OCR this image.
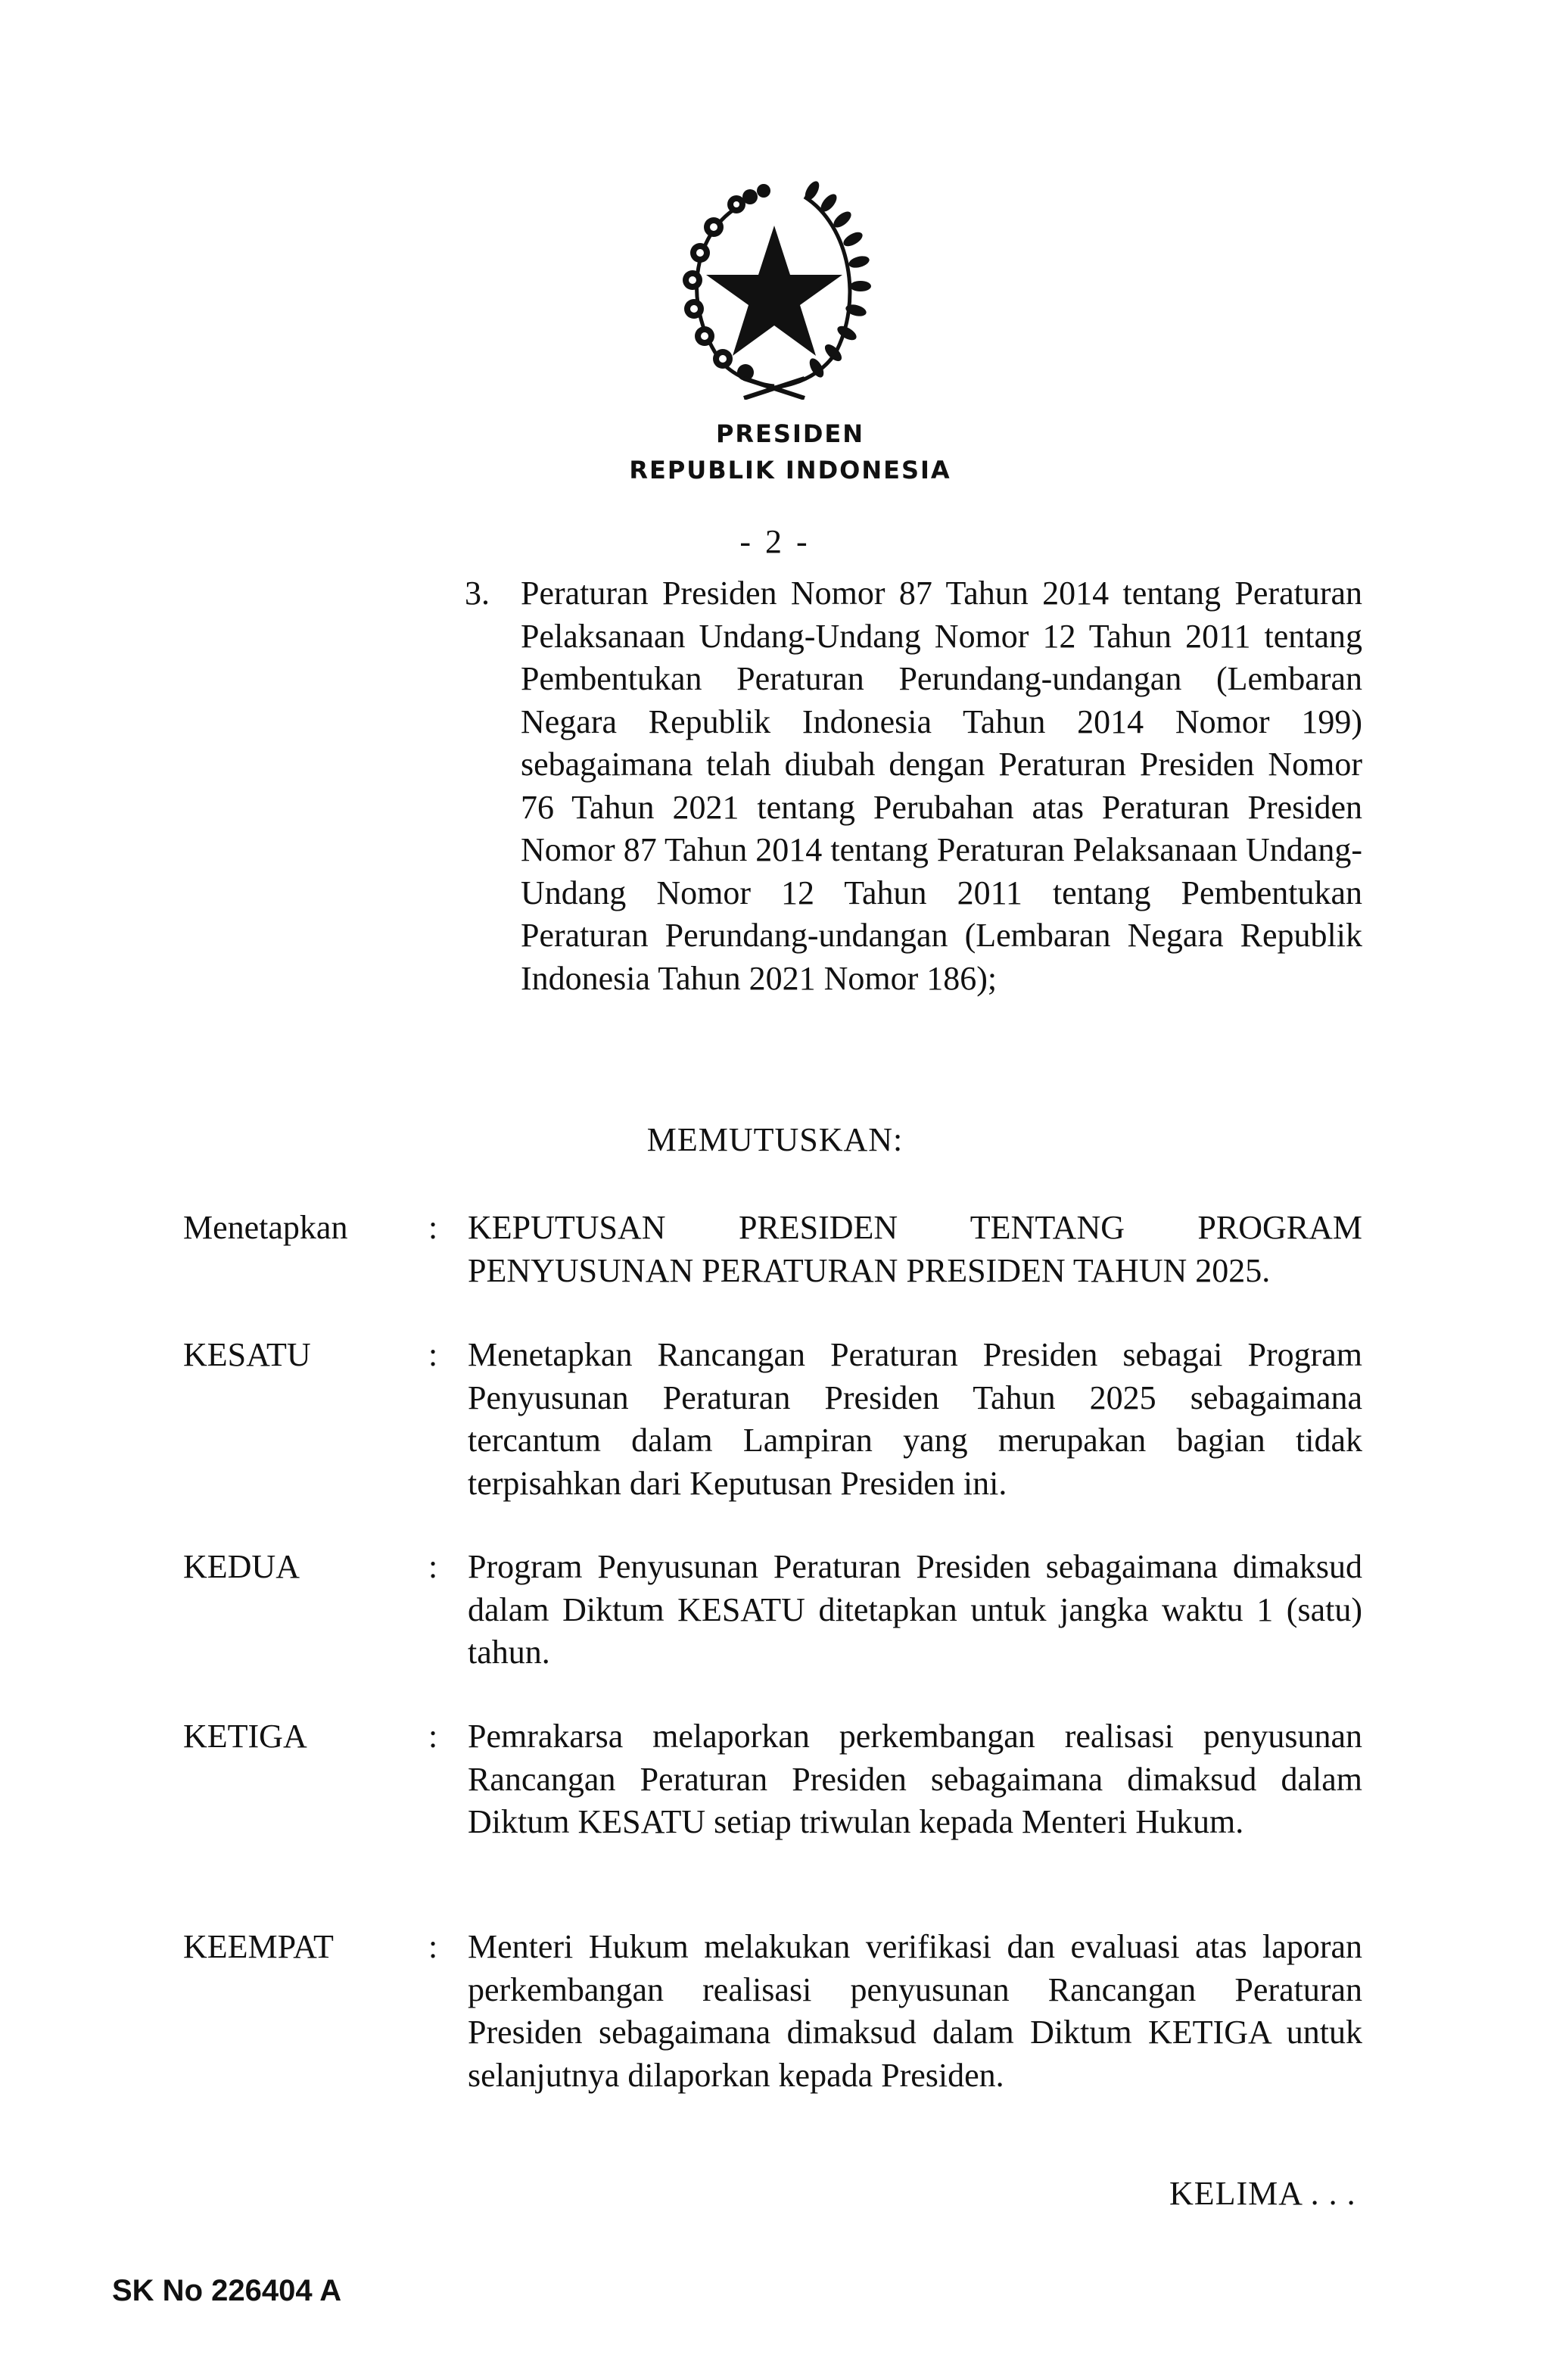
PRESIDEN
REPUBLIK INDONESIA
- 2 -
3. Peraturan Presiden Nomor 87 Tahun 2014 tentang Peraturan Pelaksanaan Undang-Undang Nomor 12 Tahun 2011 tentang Pembentukan Peraturan Perundang-undangan (Lembaran Negara Republik Indonesia Tahun 2014 Nomor 199) sebagaimana telah diubah dengan Peraturan Presiden Nomor 76 Tahun 2021 tentang Perubahan atas Peraturan Presiden Nomor 87 Tahun 2014 tentang Peraturan Pelaksanaan Undang-Undang Nomor 12 Tahun 2011 tentang Pembentukan Peraturan Perundang-undangan (Lembaran Negara Republik Indonesia Tahun 2021 Nomor 186);
MEMUTUSKAN:
Menetapkan : KEPUTUSAN PRESIDEN TENTANG PROGRAM PENYUSUNAN PERATURAN PRESIDEN TAHUN 2025.
KESATU	: Menetapkan Rancangan Peraturan Presiden sebagai Program Penyusunan Peraturan Presiden Tahun 2025 sebagaimana tercantum dalam Lampiran yang merupakan bagian tidak terpisahkan dari Keputusan Presiden ini.
KEDUA	: Program Penyusunan Peraturan Presiden sebagaimana dimaksud dalam Diktum KESATU ditetapkan untuk jangka waktu 1 (satu) tahun.
KETIGA	: Pemrakarsa melaporkan perkembangan realisasi penyusunan Rancangan Peraturan Presiden sebagaimana dimaksud dalam Diktum KESATU setiap triwulan kepada Menteri Hukum.
KEEMPAT	: Menteri Hukum melakukan verifikasi dan evaluasi atas laporan perkembangan realisasi penyusunan Rancangan Peraturan Presiden sebagaimana dimaksud dalam Diktum KETIGA untuk selanjutnya dilaporkan kepada Presiden.
KELIMA . . .
SK No 226404 A
